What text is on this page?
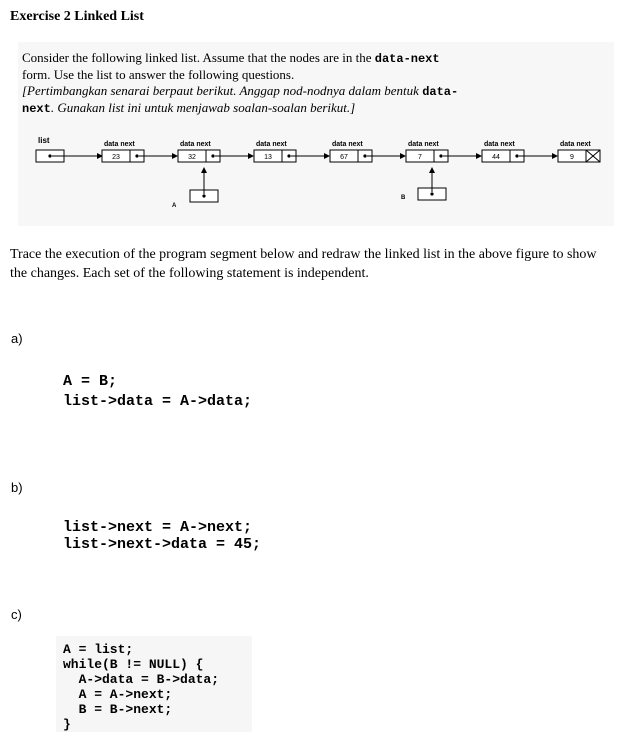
Exercise 2 Linked List
Consider the following linked list. Assume that the nodes are in the data-next
form. Use the list to answer the following questions.
[Pertimbangkan senarai berpaut berikut. Anggap nod-nodnya dalam bentuk data-
next. Gunakan list ini untuk menjawab soalan-soalan berikut.]
list	data next
23
data next
32
data next
13
data next
67
data next
7
data next
44
data next
9
A
B
Trace the execution of the program segment below and redraw the linked list in the above figure to show the changes. Each set of the following statement is independent.
a)
A = B;
list->data = A->data;
b)
list->next = A->next;
list->next->data = 45;
c)
A = list;
while(B != NULL) {
A->data = B->data;
A = A->next;
B = B->next;
}
